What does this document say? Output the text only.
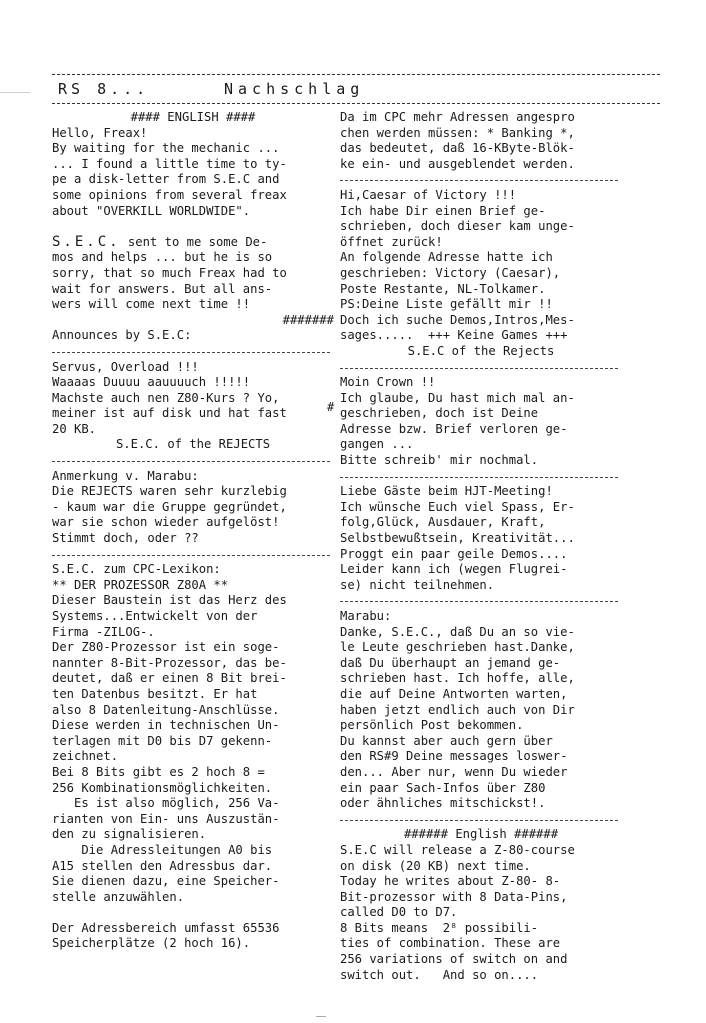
RS 8...	Nachschlag
#### ENGLISH ####
Hello, Freax!
By waiting for the mechanic ...
... I found a little time to ty-
pe a disk-letter from S.E.C and
some opinions from several freax
about "OVERKILL WORLDWIDE".
S.E.C. sent to me some De-
mos and helps ... but he is so
sorry, that so much Freax had to
wait for answers. But all ans-
wers will come next time !!
#######
Announces by S.E.C:
Servus, Overload !!!
Waaaas Duuuu aauuuuch !!!!!
Machste auch nen Z80-Kurs ? Yo,
meiner ist auf disk und hat fast
20 KB.
S.E.C. of the REJECTS
Anmerkung v. Marabu:
Die REJECTS waren sehr kurzlebig
- kaum war die Gruppe gegründet,
war sie schon wieder aufgelöst!
Stimmt doch, oder ??
S.E.C. zum CPC-Lexikon:
** DER PROZESSOR Z80A **
Dieser Baustein ist das Herz des
Systems...Entwickelt von der
Firma -ZILOG-.
Der Z80-Prozessor ist ein soge-
nannter 8-Bit-Prozessor, das be-
deutet, daß er einen 8 Bit brei-
ten Datenbus besitzt. Er hat
also 8 Datenleitung-Anschlüsse.
Diese werden in technischen Un-
terlagen mit D0 bis D7 gekenn-
zeichnet.
Bei 8 Bits gibt es 2 hoch 8 =
256 Kombinationsmöglichkeiten.
Es ist also möglich, 256 Va-
rianten von Ein- uns Auszustän-
den zu signalisieren.
Die Adressleitungen A0 bis
A15 stellen den Adressbus dar.
Sie dienen dazu, eine Speicher-
stelle anzuwählen.
Der Adressbereich umfasst 65536
Speicherplätze (2 hoch 16).
Da im CPC mehr Adressen angespro
chen werden müssen: * Banking *,
das bedeutet, daß 16-KByte-Blök-
ke ein- und ausgeblendet werden.
Hi,Caesar of Victory !!!
Ich habe Dir einen Brief ge-
schrieben, doch dieser kam unge-
öffnet zurück!
An folgende Adresse hatte ich
geschrieben: Victory (Caesar),
Poste Restante, NL-Tolkamer.
PS:Deine Liste gefällt mir !!
Doch ich suche Demos,Intros,Mes-
sages.....  +++ Keine Games +++
S.E.C of the Rejects
Moin Crown !!
Ich glaube, Du hast mich mal an-
geschrieben, doch ist Deine
Adresse bzw. Brief verloren ge-
gangen ...
Bitte schreib' mir nochmal.
Liebe Gäste beim HJT-Meeting!
Ich wünsche Euch viel Spass, Er-
folg,Glück, Ausdauer, Kraft,
Selbstbewußtsein, Kreativität...
Proggt ein paar geile Demos....
Leider kann ich (wegen Flugrei-
se) nicht teilnehmen.
Marabu:
Danke, S.E.C., daß Du an so vie-
le Leute geschrieben hast.Danke,
daß Du überhaupt an jemand ge-
schrieben hast. Ich hoffe, alle,
die auf Deine Antworten warten,
haben jetzt endlich auch von Dir
persönlich Post bekommen.
Du kannst aber auch gern über
den RS#9 Deine messages loswer-
den... Aber nur, wenn Du wieder
ein paar Sach-Infos über Z80
oder ähnliches mitschickst!.
###### English ######
S.E.C will release a Z-80-course
on disk (20 KB) next time.
Today he writes about Z-80- 8-
Bit-prozessor with 8 Data-Pins,
called D0 to D7.
8 Bits means  2⁸ possibili-
ties of combination. These are
256 variations of switch on and
switch out.   And so on....
#
